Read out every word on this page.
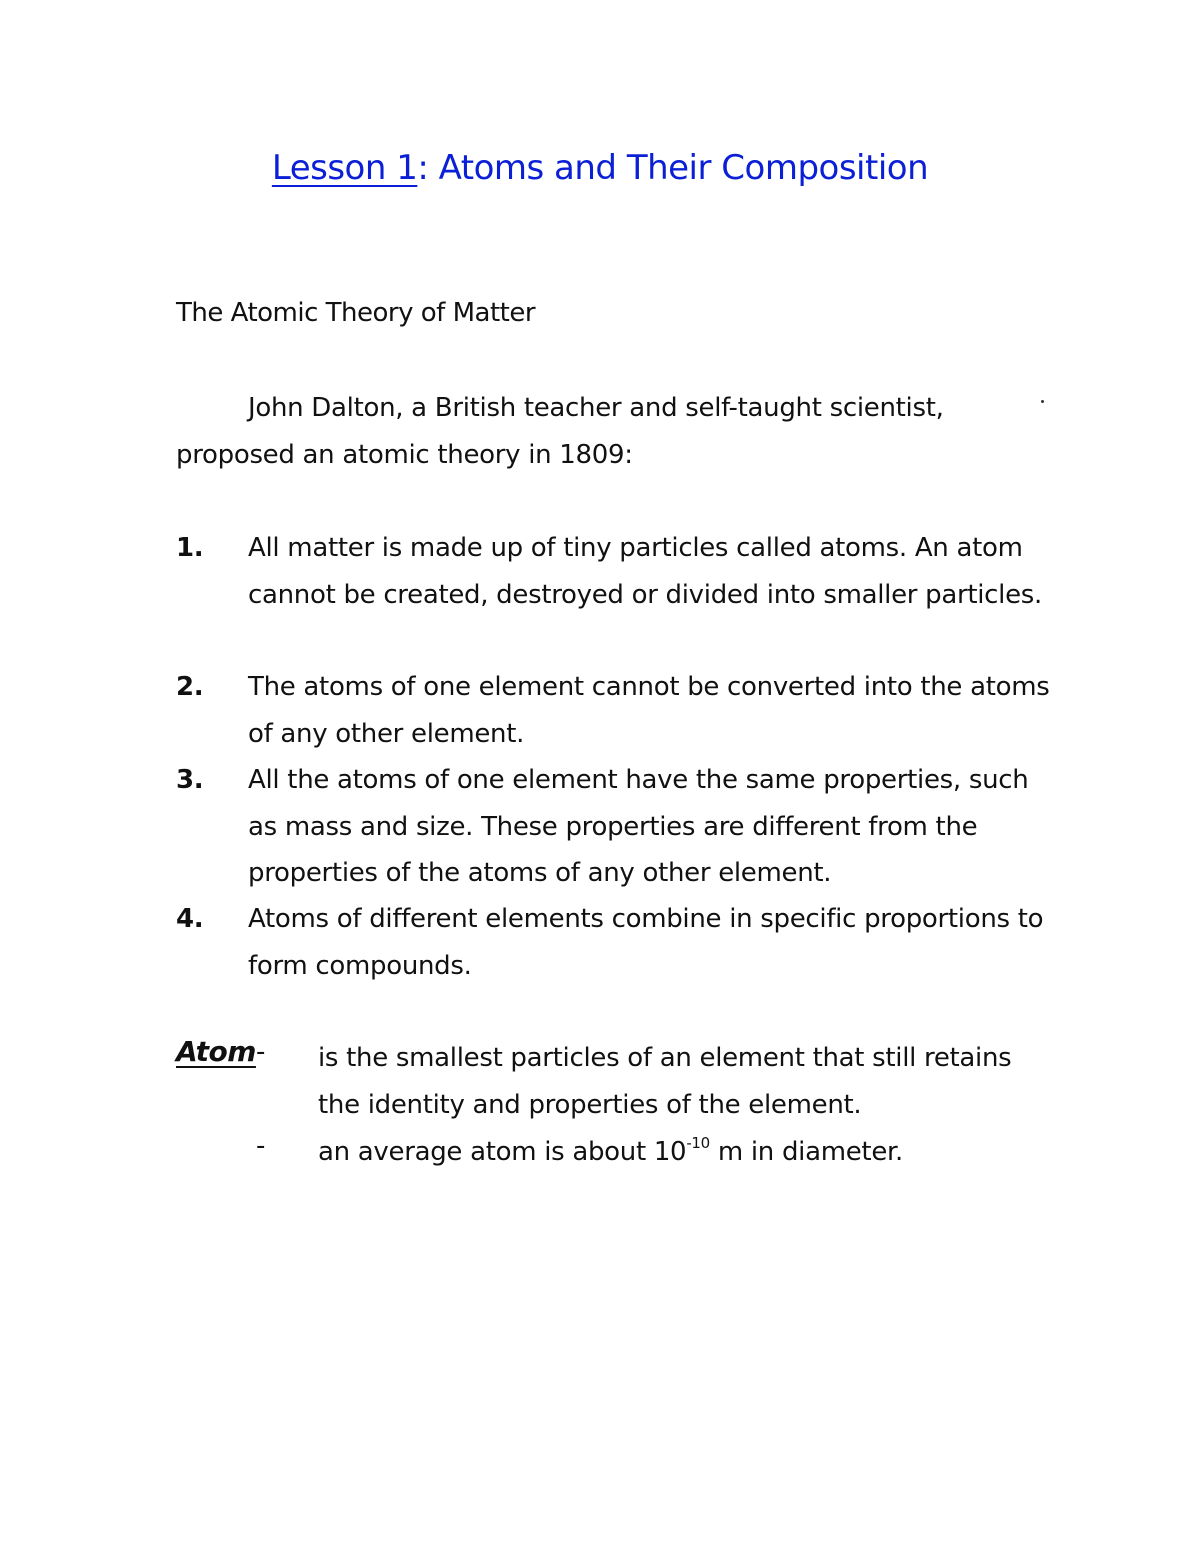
Lesson 1: Atoms and Their Composition
The Atomic Theory of Matter
John Dalton, a British teacher and self-taught scientist,
proposed an atomic theory in 1809:
1.	All matter is made up of tiny particles called atoms. An atom cannot be created, destroyed or divided into smaller particles.
2.	The atoms of one element cannot be converted into the atoms of any other element.
3.	All the atoms of one element have the same properties, such as mass and size. These properties are different from the properties of the atoms of any other element.
4.	Atoms of different elements combine in specific proportions to form compounds.
Atom - is the smallest particles of an element that still retains the identity and properties of the element.
- an average atom is about $10^{-10}$ m in diameter.
